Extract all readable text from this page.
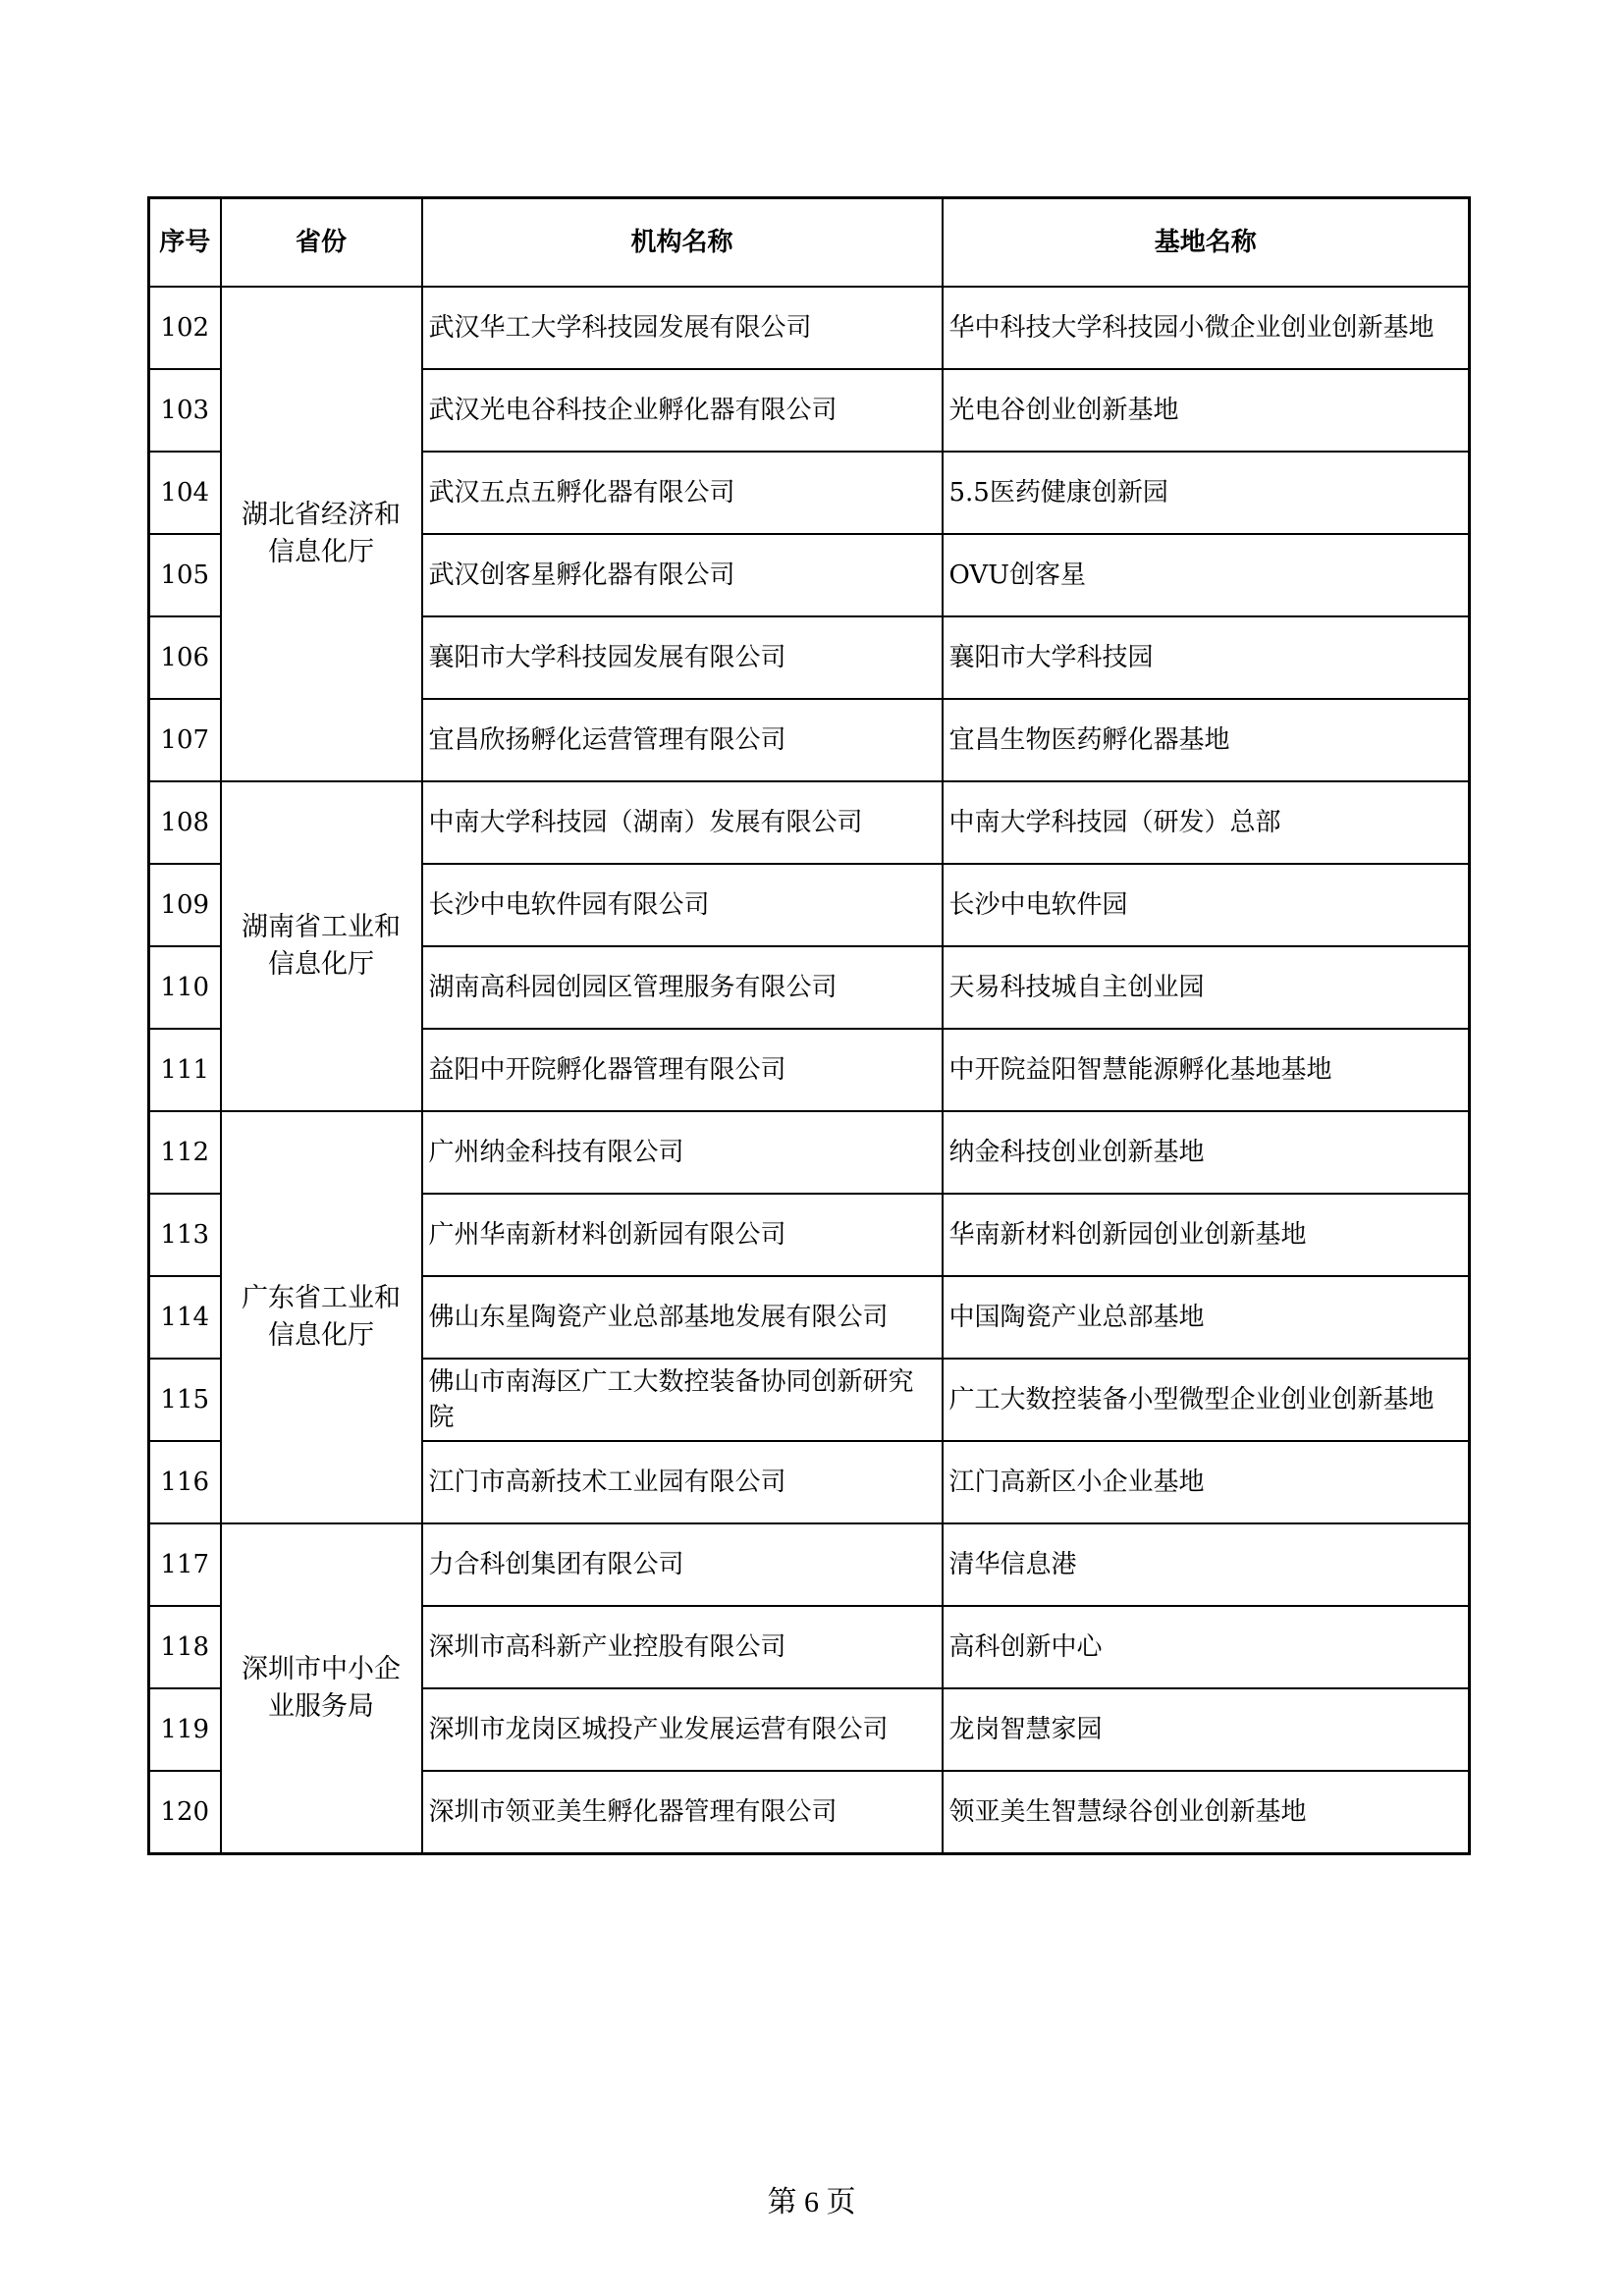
序号	省份	机构名称	基地名称
102	湖北省经济和信息化厅	武汉华工大学科技园发展有限公司	华中科技大学科技园小微企业创业创新基地
103		武汉光电谷科技企业孵化器有限公司	光电谷创业创新基地
104		武汉五点五孵化器有限公司	5.5医药健康创新园
105		武汉创客星孵化器有限公司	OVU创客星
106		襄阳市大学科技园发展有限公司	襄阳市大学科技园
107		宜昌欣扬孵化运营管理有限公司	宜昌生物医药孵化器基地
108	湖南省工业和信息化厅	中南大学科技园（湖南）发展有限公司	中南大学科技园（研发）总部
109		长沙中电软件园有限公司	长沙中电软件园
110		湖南高科园创园区管理服务有限公司	天易科技城自主创业园
111		益阳中开院孵化器管理有限公司	中开院益阳智慧能源孵化基地基地
112	广东省工业和信息化厅	广州纳金科技有限公司	纳金科技创业创新基地
113		广州华南新材料创新园有限公司	华南新材料创新园创业创新基地
114		佛山东星陶瓷产业总部基地发展有限公司	中国陶瓷产业总部基地
115		佛山市南海区广工大数控装备协同创新研究院	广工大数控装备小型微型企业创业创新基地
116		江门市高新技术工业园有限公司	江门高新区小企业基地
117	深圳市中小企业服务局	力合科创集团有限公司	清华信息港
118		深圳市高科新产业控股有限公司	高科创新中心
119		深圳市龙岗区城投产业发展运营有限公司	龙岗智慧家园
120		深圳市领亚美生孵化器管理有限公司	领亚美生智慧绿谷创业创新基地
第 6 页
